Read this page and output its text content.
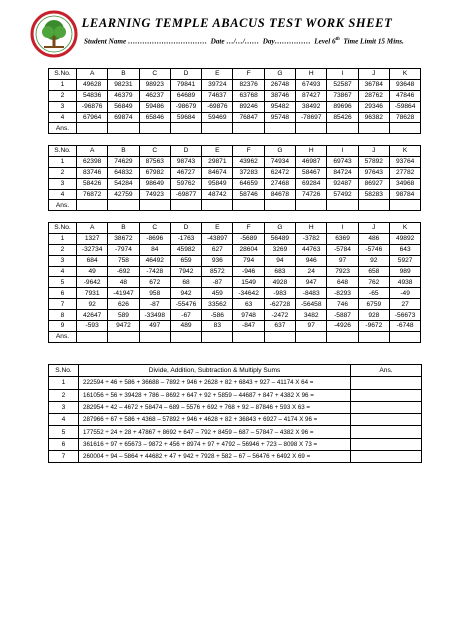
LEARNING TEMPLE ABACUS TEST WORK SHEET
Student Name …………………………… Date …/…/…… Day…………… Level 6th Time Limit 15 Mins.
S.No.	A	B	C	D	E	F	G	H	I	J	K
1	49628	98231	98923	79841	39724	82376	26748	67493	52587	36784	93648
2	54836	46379	46237	64689	74637	63768	38746	87427	73867	28762	47846
3	-96876	56849	59486	-98679	-69876	89246	95482	38492	89696	29346	-59864
4	67964	69874	65846	59684	59469	76847	95748	-78697	85426	96382	78628
Ans.											
S.No.	A	B	C	D	E	F	G	H	I	J	K
1	62398	74629	87563	98743	29871	43962	74934	46987	69743	57892	93764
2	83746	64832	67982	46727	84674	37283	62472	58467	84724	97643	27782
3	58426	54284	98649	59762	95849	64659	27468	69284	92487	86927	34968
4	76872	42759	74923	-69877	48742	58746	84678	74726	57492	58283	98784
Ans.											
S.No.	A	B	C	D	E	F	G	H	I	J	K
1	1327	38672	-8696	-1763	-43897	-5689	56489	-3782	6369	486	49892
2	-32734	-7974	84	45982	627	28604	3269	44763	-5784	-5746	643
3	684	758	46492	659	936	794	94	946	97	92	5927
4	49	-692	-7428	7942	8572	-946	683	24	7923	658	989
5	-9642	48	672	68	-87	1549	4928	947	648	762	4938
6	7931	-41947	958	942	459	-34642	-983	-8483	-8293	-65	-49
7	92	626	-87	-55476	33562	63	-62728	-56458	746	6759	27
8	42647	589	-33498	-67	-586	9748	-2472	3482	-5887	928	-56673
9	-593	9472	497	489	83	-847	637	97	-4926	-9672	-6748
Ans.											
S.No.	Divide, Addition, Subtraction & Multiply Sums	Ans.
1	222594 ÷ 46 + 586 + 36688 – 7892 + 946 + 2628 + 82 + 6843 + 927 – 41174 X 64 =	
2	161056 ÷ 56 + 39428 + 786 – 8692 + 647 + 92 + 5859 – 44687 + 847 + 4382 X 96 =	
3	282954 ÷ 42 – 4672 + 58474 – 689 – 5576 + 692 + 768 + 92 – 87846 + 593 X 63 =	
4	287966 ÷ 67 + 586 + 4368 – 57892 + 946 + 4628 + 82 + 36843 + 6927 – 4174 X 96 =	
5	177552 ÷ 24 + 28 + 47867 + 8692 + 647 – 792 + 8459 – 687 – 57847 – 4382 X 96 =	
6	361616 ÷ 97 + 65673 – 9872 + 456 + 8974 + 97 + 4792 – 56946 + 723 – 8098 X 73 =	
7	260004 ÷ 94 – 5864 + 44682 + 47 + 942 + 7928 + 582 – 67 – 56476 + 6492 X 69 =	
